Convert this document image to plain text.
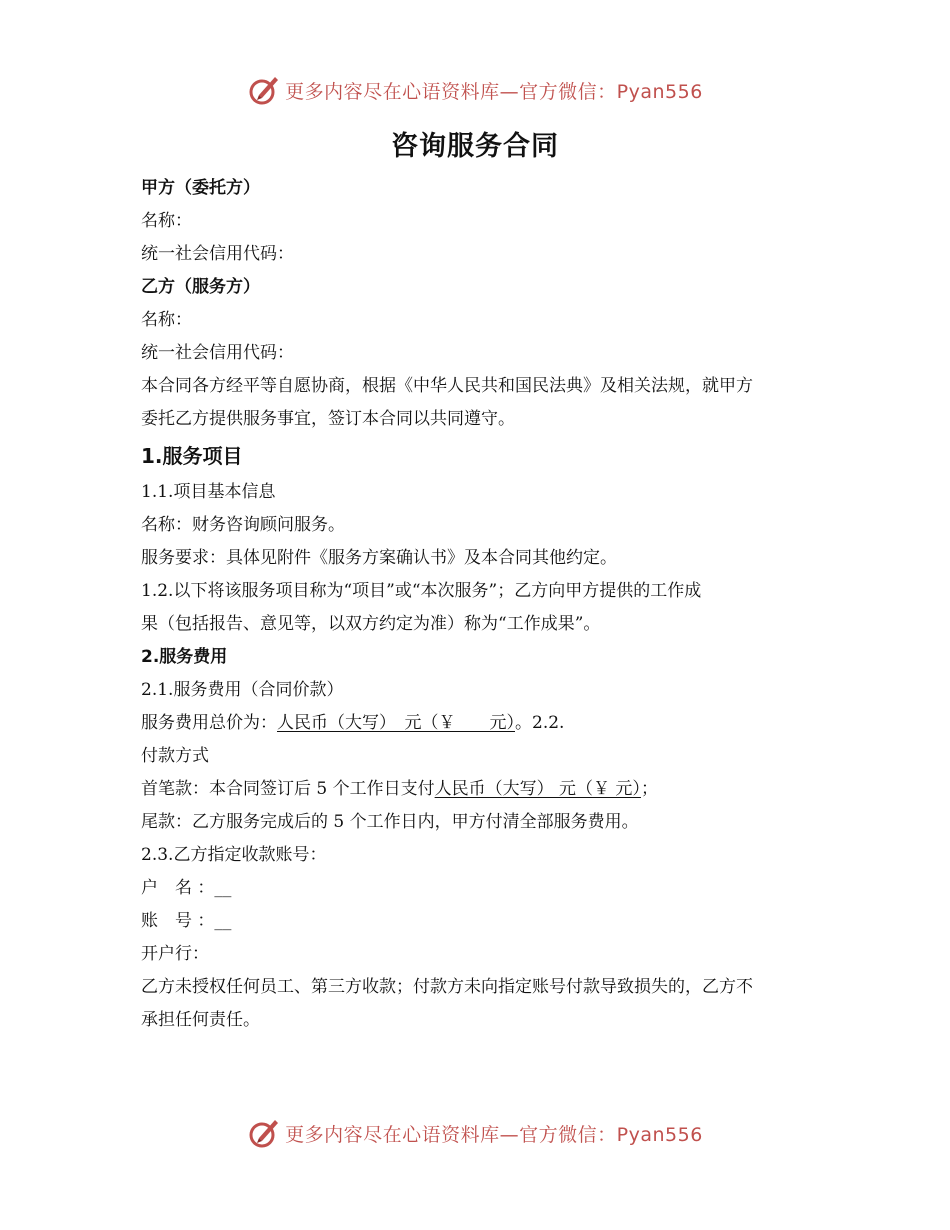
更多内容尽在心语资料库—官方微信：Pyan556
咨询服务合同
甲方（委托方）
名称：
统一社会信用代码：
乙方（服务方）
名称：
统一社会信用代码：
本合同各方经平等自愿协商，根据《中华人民共和国民法典》及相关法规，就甲方
委托乙方提供服务事宜，签订本合同以共同遵守。
1.服务项目
1.1.项目基本信息
名称：财务咨询顾问服务。
服务要求：具体见附件《服务方案确认书》及本合同其他约定。
1.2.以下将该服务项目称为“项目”或“本次服务”；乙方向甲方提供的工作成
果（包括报告、意见等，以双方约定为准）称为“工作成果”。
2.服务费用
2.1.服务费用（合同价款）
服务费用总价为：人民币（大写）　元（￥　　元）。2.2.
付款方式
首笔款：本合同签订后 5 个工作日支付人民币（大写） 元（￥ 元）；
尾款：乙方服务完成后的 5 个工作日内，甲方付清全部服务费用。
2.3.乙方指定收款账号：
户　名 ：__
账　号 ：__
开户行：
乙方未授权任何员工、第三方收款；付款方未向指定账号付款导致损失的，乙方不
承担任何责任。
更多内容尽在心语资料库—官方微信：Pyan556
